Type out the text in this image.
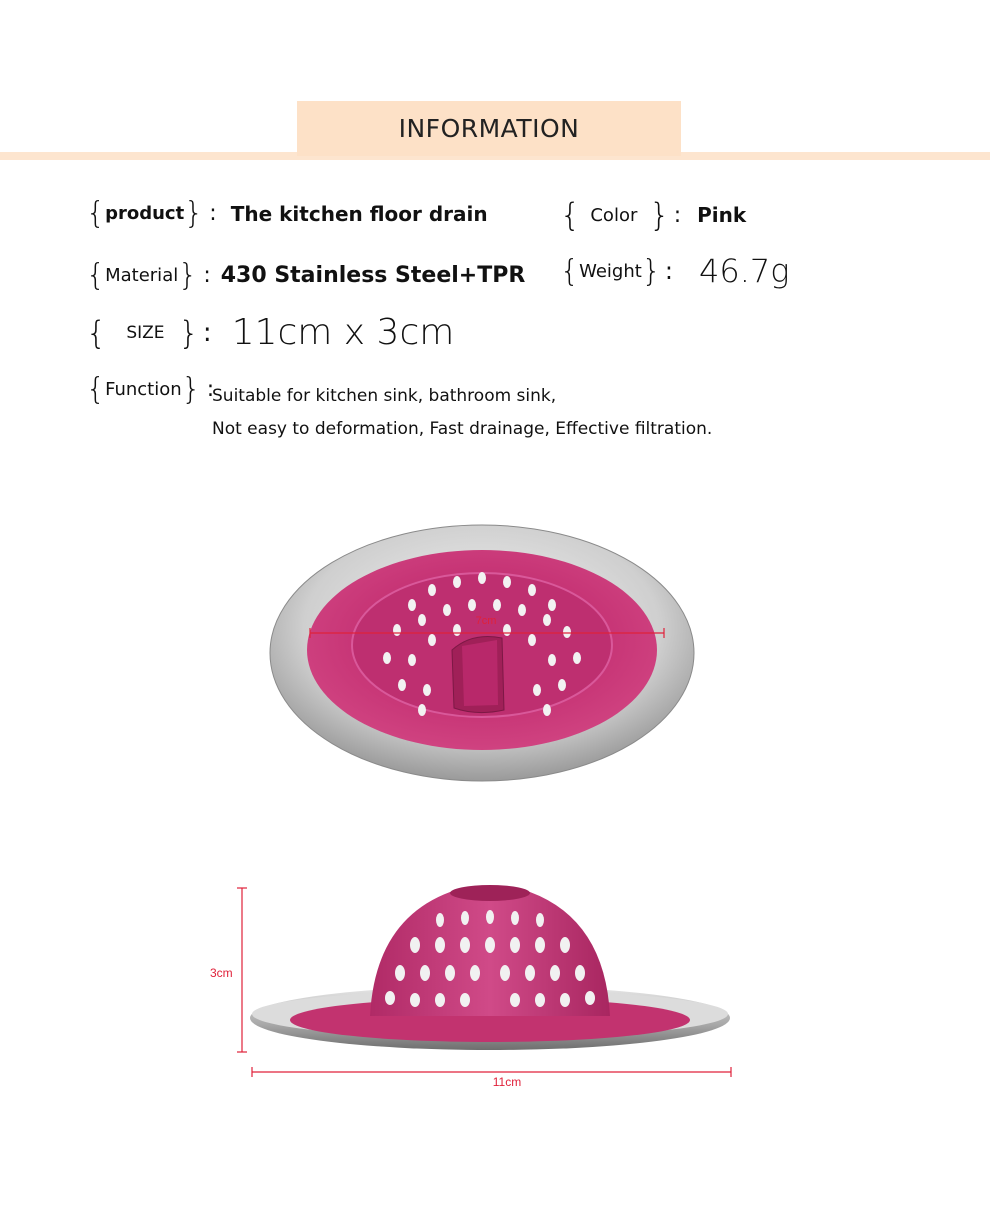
INFORMATION
{ product } : The kitchen floor drain { Color } : Pink
{ Material } : 430 Stainless Steel+TPR { Weight } : 46.7g
{ SIZE } : 11cm x 3cm
{ Function } :
Suitable for kitchen sink, bathroom sink,
Not easy to deformation, Fast drainage, Effective filtration.
7cm
3cm
11cm
